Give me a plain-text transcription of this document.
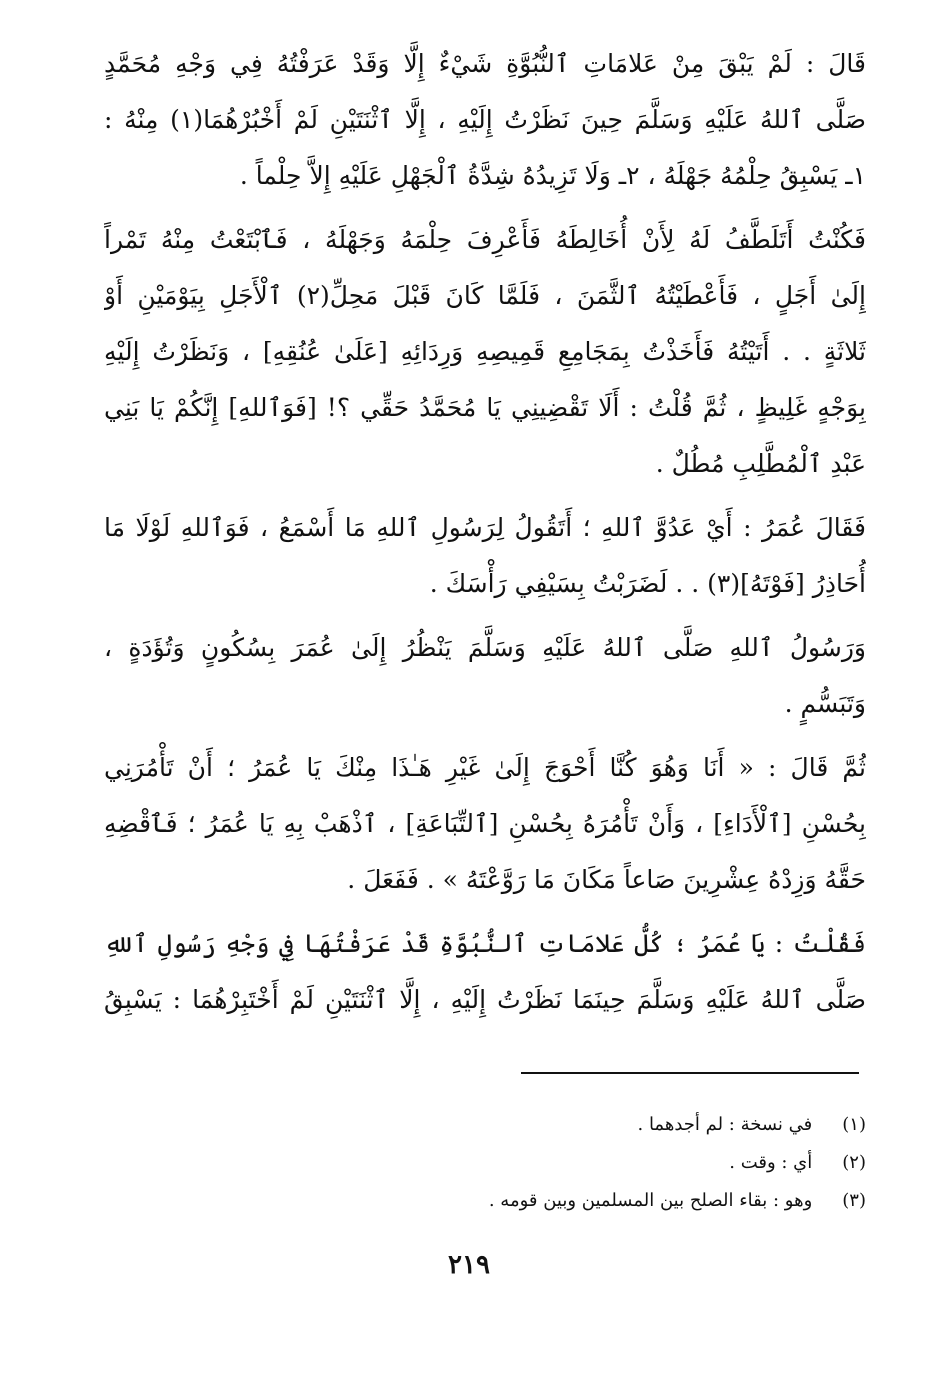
قَالَ : لَمْ يَبْقَ مِنْ عَلامَاتِ ٱلنُّبُوَّةِ شَيْءٌ إِلَّا وَقَدْ عَرَفْتُهُ فِي وَجْهِ مُحَمَّدٍ
صَلَّى ٱللهُ عَلَيْهِ وَسَلَّمَ حِينَ نَظَرْتُ إِلَيْهِ ، إِلَّا ٱثْنَتَيْنِ لَمْ أَخْبُرْهُمَا(١) مِنْهُ :
١ـ يَسْبِقُ حِلْمُهُ جَهْلَهُ ، ٢ـ وَلَا تَزِيدُهُ شِدَّةُ ٱلْجَهْلِ عَلَيْهِ إِلاَّ حِلْماً .
فَكُنْتُ أَتَلَطَّفُ لَهُ لِأَنْ أُخَالِطَهُ فَأَعْرِفَ حِلْمَهُ وَجَهْلَهُ ، فَٱبْتَعْتُ مِنْهُ تَمْراً
إِلَىٰ أَجَلٍ ، فَأَعْطَيْتُهُ ٱلثَّمَنَ ، فَلَمَّا كَانَ قَبْلَ مَحِلِّ(٢) ٱلْأَجَلِ بِيَوْمَيْنِ أَوْ
ثَلاثَةٍ . . أَتَيْتُهُ فَأَخَذْتُ بِمَجَامِعِ قَمِيصِهِ وَرِدَائِهِ [عَلَىٰ عُنُقِهِ] ، وَنَظَرْتُ إِلَيْهِ
بِوَجْهٍ غَلِيظٍ ، ثُمَّ قُلْتُ : أَلَا تَقْضِينِي يَا مُحَمَّدُ حَقِّي ؟! [فَوَٱللهِ] إِنَّكُمْ يَا بَنِي
عَبْدِ ٱلْمُطَّلِبِ مُطُلٌ .
فَقَالَ عُمَرُ : أَيْ عَدُوَّ ٱللهِ ؛ أَتَقُولُ لِرَسُولِ ٱللهِ مَا أَسْمَعُ ، فَوَٱللهِ لَوْلَا مَا
أُحَاذِرُ [فَوْتَهُ](٣) . . لَضَرَبْتُ بِسَيْفِي رَأْسَكَ .
وَرَسُولُ ٱللهِ صَلَّى ٱللهُ عَلَيْهِ وَسَلَّمَ يَنْظُرُ إِلَىٰ عُمَرَ بِسُكُونٍ وَتُؤَدَةٍ ،
وَتَبَسُّمٍ .
ثُمَّ قَالَ : « أَنَا وَهُوَ كُنَّا أَحْوَجَ إِلَىٰ غَيْرِ هَـٰذَا مِنْكَ يَا عُمَرُ ؛ أَنْ تَأْمُرَنِي
بِحُسْنِ [ٱلْأَدَاءِ] ، وَأَنْ تَأْمُرَهُ بِحُسْنِ [ٱلتِّبَاعَةِ] ، ٱذْهَبْ بِهِ يَا عُمَرُ ؛ فَٱقْضِهِ
حَقَّهُ وَزِدْهُ عِشْرِينَ صَاعاً مَكَانَ مَا رَوَّعْتَهُ » . فَفَعَلَ .
فَقُلْتُ : يَا عُمَرُ ؛ كُلُّ عَلامَاتِ ٱلنُّبُوَّةِ قَدْ عَرَفْتُهَا فِي وَجْهِ رَسُولِ ٱللهِ
صَلَّى ٱللهُ عَلَيْهِ وَسَلَّمَ حِينَمَا نَظَرْتُ إِلَيْهِ ، إِلَّا ٱثْنَتَيْنِ لَمْ أَخْتَبِرْهُمَا : يَسْبِقُ
(١) في نسخة : لم أجدهما .
(٢) أي : وقت .
(٣) وهو : بقاء الصلح بين المسلمين وبين قومه .
٢١٩
